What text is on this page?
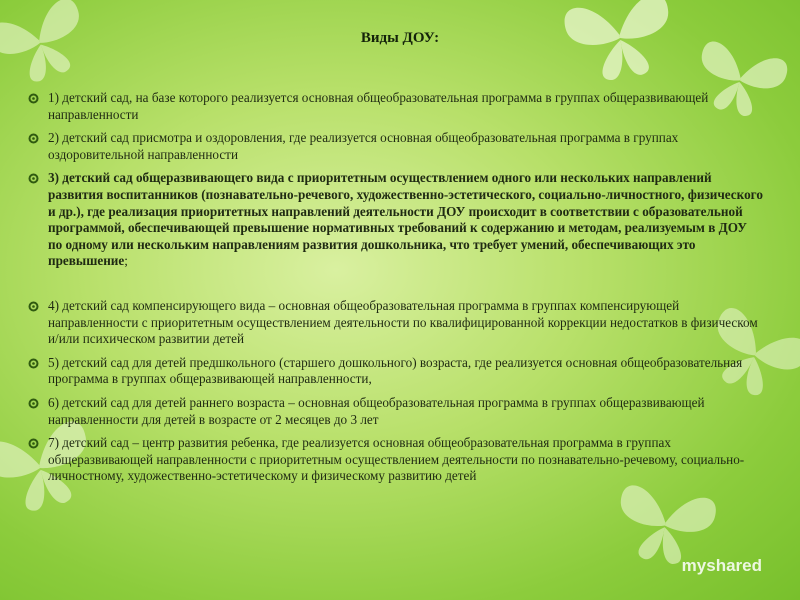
Виды ДОУ:
1) детский сад, на базе которого реализуется основная общеобразовательная программа в группах общеразвивающей направленности
2) детский сад присмотра и оздоровления, где реализуется основная общеобразовательная программа в группах оздоровительной направленности
3) детский сад общеразвивающего вида с приоритетным осуществлением одного или нескольких направлений развития воспитанников (познавательно-речевого, художественно-эстетического, социально-личностного, физического и др.), где реализация приоритетных направлений деятельности ДОУ происходит в соответствии с образовательной программой, обеспечивающей превышение нормативных требований к содержанию и методам, реализуемым в ДОУ по одному или нескольким направлениям развития дошкольника, что требует умений, обеспечивающих это превышение;
4) детский сад компенсирующего вида – основная общеобразовательная программа в группах компенсирующей направленности с приоритетным осуществлением деятельности по квалифицированной коррекции недостатков в физическом и/или психическом развитии детей
5) детский сад для детей предшкольного (старшего дошкольного) возраста, где реализуется основная общеобразовательная программа в группах общеразвивающей направленности,
6) детский сад для детей раннего возраста – основная общеобразовательная программа в группах общеразвивающей направленности для детей в возрасте от 2 месяцев до 3 лет
7) детский сад – центр развития ребенка, где реализуется основная общеобразовательная программа в группах общеразвивающей направленности с приоритетным осуществлением деятельности по познавательно-речевому, социально-личностному, художественно-эстетическому и физическому развитию детей
myshared
